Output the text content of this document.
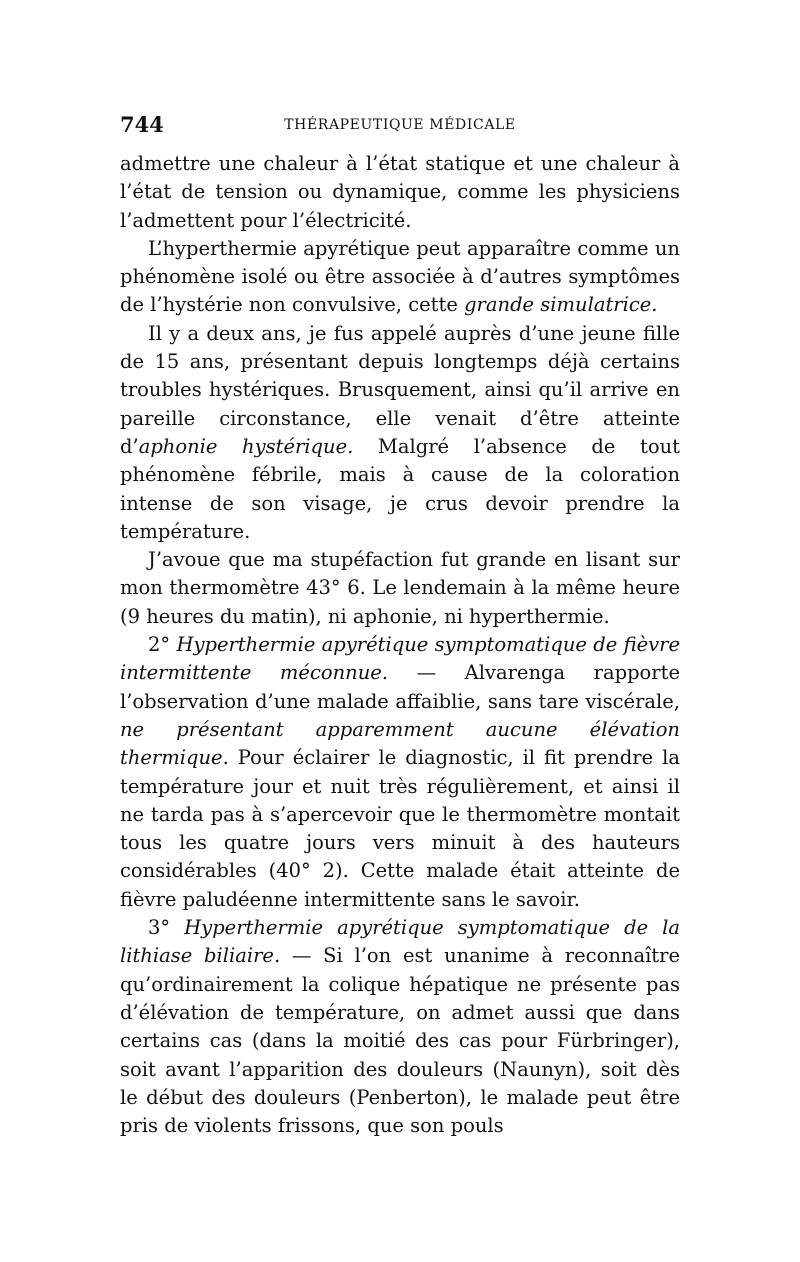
744	THÉRAPEUTIQUE MÉDICALE

admettre une chaleur à l’état statique et une chaleur à l’état de tension ou dynamique, comme les physiciens l’admettent pour l’électricité.

L’hyperthermie apyrétique peut apparaître comme un phénomène isolé ou être associée à d’autres symptômes de l’hystérie non convulsive, cette grande simulatrice.

Il y a deux ans, je fus appelé auprès d’une jeune fille de 15 ans, présentant depuis longtemps déjà certains troubles hystériques. Brusquement, ainsi qu’il arrive en pareille circonstance, elle venait d’être atteinte d’aphonie hystérique. Malgré l’absence de tout phénomène fébrile, mais à cause de la coloration intense de son visage, je crus devoir prendre la température.

J’avoue que ma stupéfaction fut grande en lisant sur mon thermomètre 43° 6. Le lendemain à la même heure (9 heures du matin), ni aphonie, ni hyperthermie.

2° Hyperthermie apyrétique symptomatique de fièvre intermittente méconnue. — Alvarenga rapporte l’observation d’une malade affaiblie, sans tare viscérale, ne présentant apparemment aucune élévation thermique. Pour éclairer le diagnostic, il fit prendre la température jour et nuit très régulièrement, et ainsi il ne tarda pas à s’apercevoir que le thermomètre montait tous les quatre jours vers minuit à des hauteurs considérables (40° 2). Cette malade était atteinte de fièvre paludéenne intermittente sans le savoir.

3° Hyperthermie apyrétique symptomatique de la lithiase biliaire. — Si l’on est unanime à reconnaître qu’ordinairement la colique hépatique ne présente pas d’élévation de température, on admet aussi que dans certains cas (dans la moitié des cas pour Fürbringer), soit avant l’apparition des douleurs (Naunyn), soit dès le début des douleurs (Penberton), le malade peut être pris de violents frissons, que son pouls
